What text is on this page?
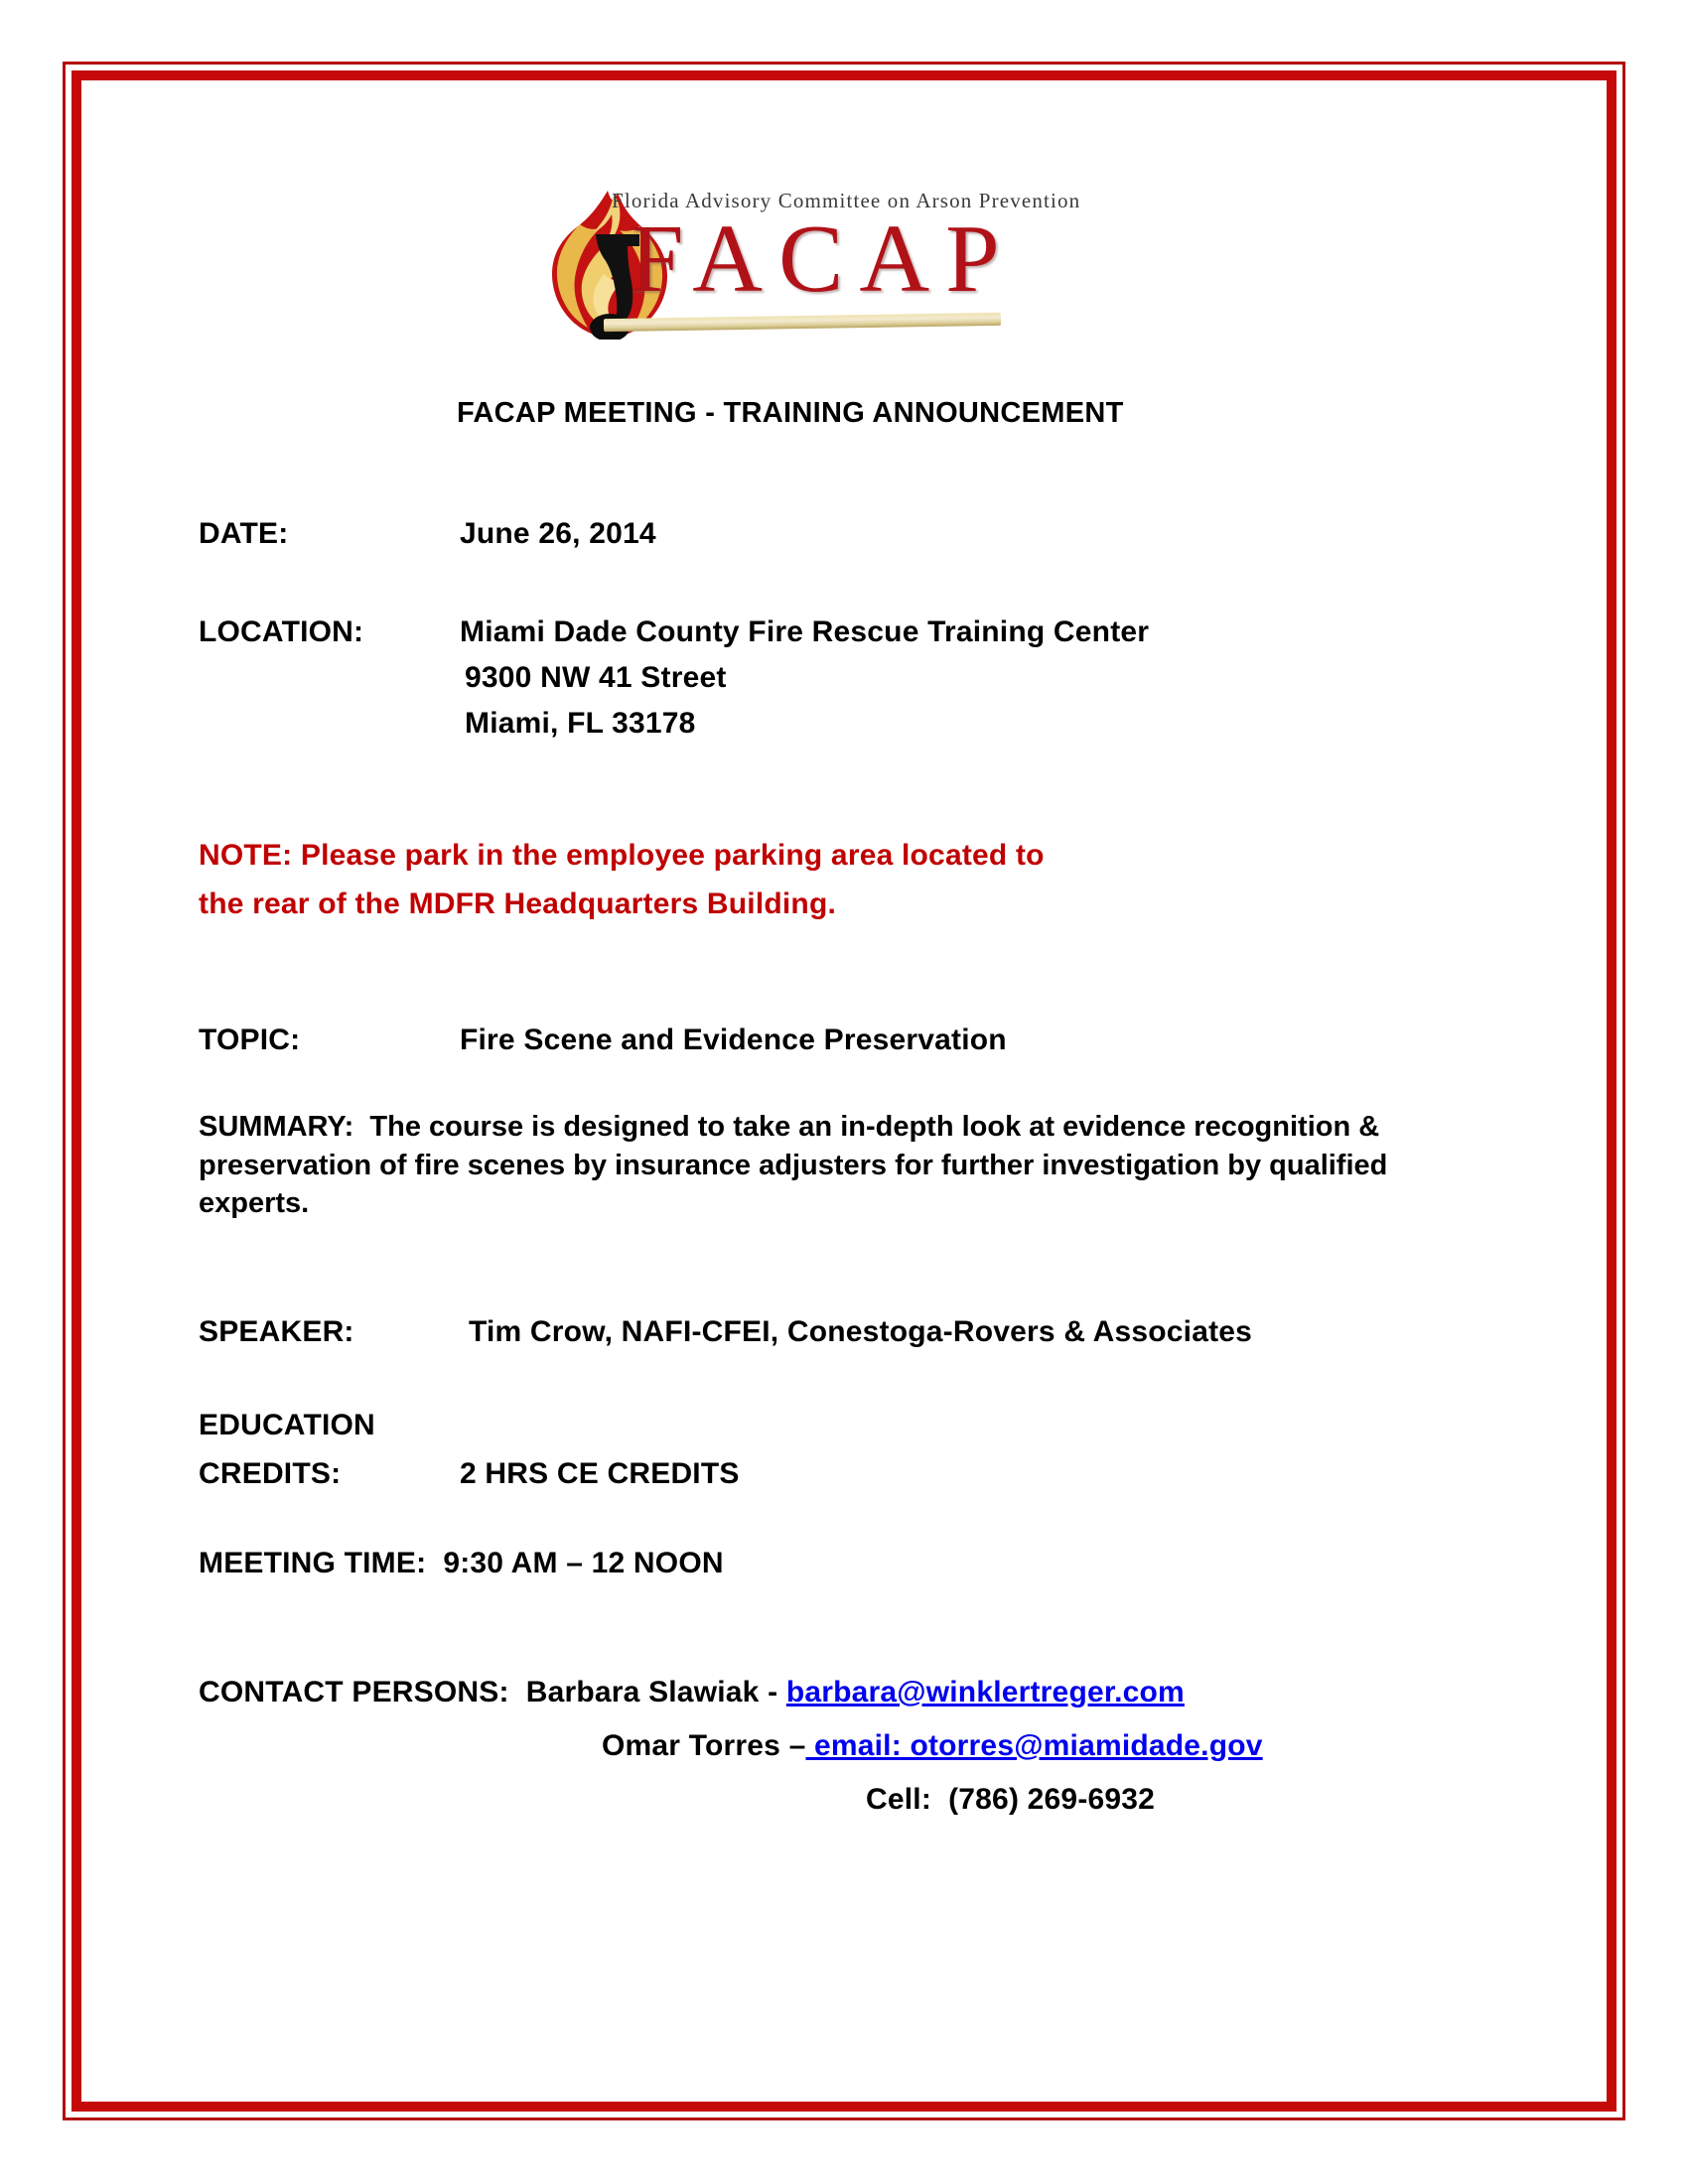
Florida Advisory Committee on Arson Prevention
FACAP
FACAP MEETING - TRAINING ANNOUNCEMENT
DATE:	June 26, 2014
LOCATION:	Miami Dade County Fire Rescue Training Center
9300 NW 41 Street
Miami, FL 33178
NOTE: Please park in the employee parking area located to
the rear of the MDFR Headquarters Building.
TOPIC:	Fire Scene and Evidence Preservation
SUMMARY: The course is designed to take an in-depth look at evidence recognition & preservation of fire scenes by insurance adjusters for further investigation by qualified experts.
SPEAKER:	Tim Crow, NAFI-CFEI, Conestoga-Rovers & Associates
EDUCATION
CREDITS:	2 HRS CE CREDITS
MEETING TIME: 9:30 AM – 12 NOON
CONTACT PERSONS: Barbara Slawiak - barbara@winklertreger.com
Omar Torres – email: otorres@miamidade.gov
Cell: (786) 269-6932
